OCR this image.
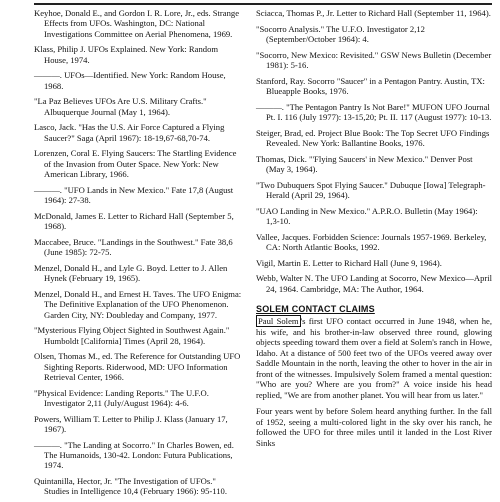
Keyhoe, Donald E., and Gordon I. R. Lore, Jr., eds. Strange Effects from UFOs. Washington, DC: National Investigations Committee on Aerial Phenomena, 1969.
Klass, Philip J. UFOs Explained. New York: Random House, 1974.
———. UFOs—Identified. New York: Random House, 1968.
"La Paz Believes UFOs Are U.S. Military Crafts." Albuquerque Journal (May 1, 1964).
Lasco, Jack. "Has the U.S. Air Force Captured a Flying Saucer?" Saga (April 1967): 18-19,67-68,70-74.
Lorenzen, Coral E. Flying Saucers: The Startling Evidence of the Invasion from Outer Space. New York: New American Library, 1966.
———. "UFO Lands in New Mexico." Fate 17,8 (August 1964): 27-38.
McDonald, James E. Letter to Richard Hall (September 5, 1968).
Maccabee, Bruce. "Landings in the Southwest." Fate 38,6 (June 1985): 72-75.
Menzel, Donald H., and Lyle G. Boyd. Letter to J. Allen Hynek (February 19, 1965).
Menzel, Donald H., and Ernest H. Taves. The UFO Enigma: The Definitive Explanation of the UFO Phenomenon. Garden City, NY: Doubleday and Company, 1977.
"Mysterious Flying Object Sighted in Southwest Again." Humboldt [California] Times (April 28, 1964).
Olsen, Thomas M., ed. The Reference for Outstanding UFO Sighting Reports. Riderwood, MD: UFO Information Retrieval Center, 1966.
"Physical Evidence: Landing Reports." The U.F.O. Investigator 2,11 (July/August 1964): 4-6.
Powers, William T. Letter to Philip J. Klass (January 17, 1967).
———. "The Landing at Socorro." In Charles Bowen, ed. The Humanoids, 130-42. London: Futura Publications, 1974.
Quintanilla, Hector, Jr. "The Investigation of UFOs." Studies in Intelligence 10,4 (February 1966): 95-110.
Sciacca, Thomas P., Jr. Letter to Richard Hall (September 11, 1964).
"Socorro Analysis." The U.F.O. Investigator 2,12 (September/October 1964): 4.
"Socorro, New Mexico: Revisited." GSW News Bulletin (December 1981): 5-16.
Stanford, Ray. Socorro "Saucer" in a Pentagon Pantry. Austin, TX: Blueapple Books, 1976.
———. "The Pentagon Pantry Is Not Bare!" MUFON UFO Journal Pt. I. 116 (July 1977): 13-15,20; Pt. II. 117 (August 1977): 10-13.
Steiger, Brad, ed. Project Blue Book: The Top Secret UFO Findings Revealed. New York: Ballantine Books, 1976.
Thomas, Dick. "'Flying Saucers' in New Mexico." Denver Post (May 3, 1964).
"Two Dubuquers Spot Flying Saucer." Dubuque [Iowa] Telegraph-Herald (April 29, 1964).
"UAO Landing in New Mexico." A.P.R.O. Bulletin (May 1964): 1,3-10.
Vallee, Jacques. Forbidden Science: Journals 1957-1969. Berkeley, CA: North Atlantic Books, 1992.
Vigil, Martin E. Letter to Richard Hall (June 9, 1964).
Webb, Walter N. The UFO Landing at Socorro, New Mexico—April 24, 1964. Cambridge, MA: The Author, 1964.
SOLEM CONTACT CLAIMS
Paul Solem 's first UFO contact occurred in June 1948, when he, his wife, and his brother-in-law observed three round, glowing objects speeding toward them over a field at Solem's ranch in Howe, Idaho. At a distance of 500 feet two of the UFOs veered away over Saddle Mountain in the north, leaving the other to hover in the air in front of the witnesses. Impulsively Solem framed a mental question: "Who are you? Where are you from?" A voice inside his head replied, "We are from another planet. You will hear from us later."
Four years went by before Solem heard anything further. In the fall of 1952, seeing a multi-colored light in the sky over his ranch, he followed the UFO for three miles until it landed in the Lost River Sinks
